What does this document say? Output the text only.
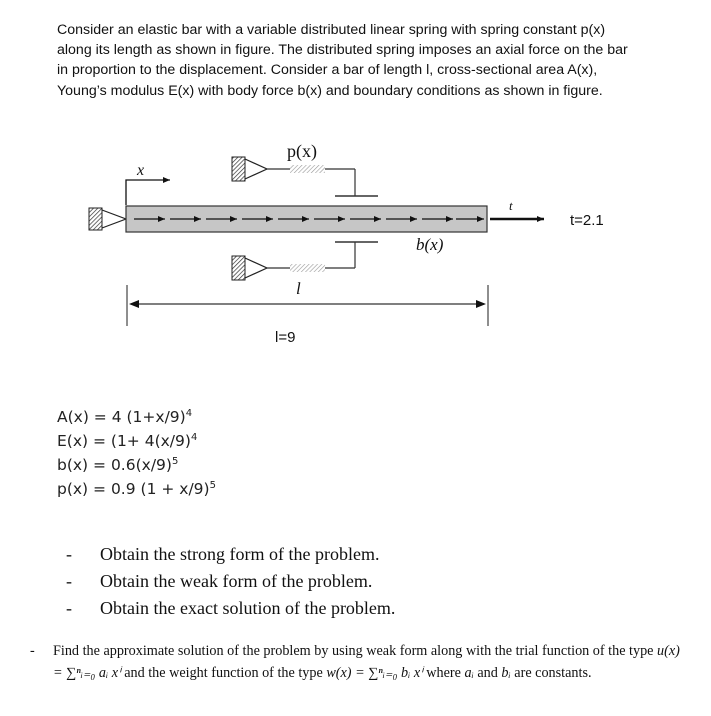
Consider an elastic bar with a variable distributed linear spring with spring constant p(x)

along its length as shown in figure. The distributed spring imposes an axial force on the bar

in proportion to the displacement. Consider a bar of length l, cross-sectional area A(x),

Young’s modulus E(x) with body force b(x) and boundary conditions as shown in figure.

x
p(x)
t
t=2.1
b(x)
l
l=9
A(x) = 4 $(1+x/9)^4$
$E(x) = (1+ 4(x/9)^4$
$b(x) = 0.6(x/9)^5$
p(x) = 0.9 $(1 + x/9)^5$
- Obtain the strong form of the problem.
- Obtain the weak form of the problem.
- Obtain the exact solution of the problem.
- Find the approximate solution of the problem by using weak form along with the trial function of the type u(x) = ∑ⁿᵢ₌₀ aᵢ xⁱ and the weight function of the type w(x) = ∑ⁿᵢ₌₀ bᵢ xⁱ where aᵢ and bᵢ are constants.
